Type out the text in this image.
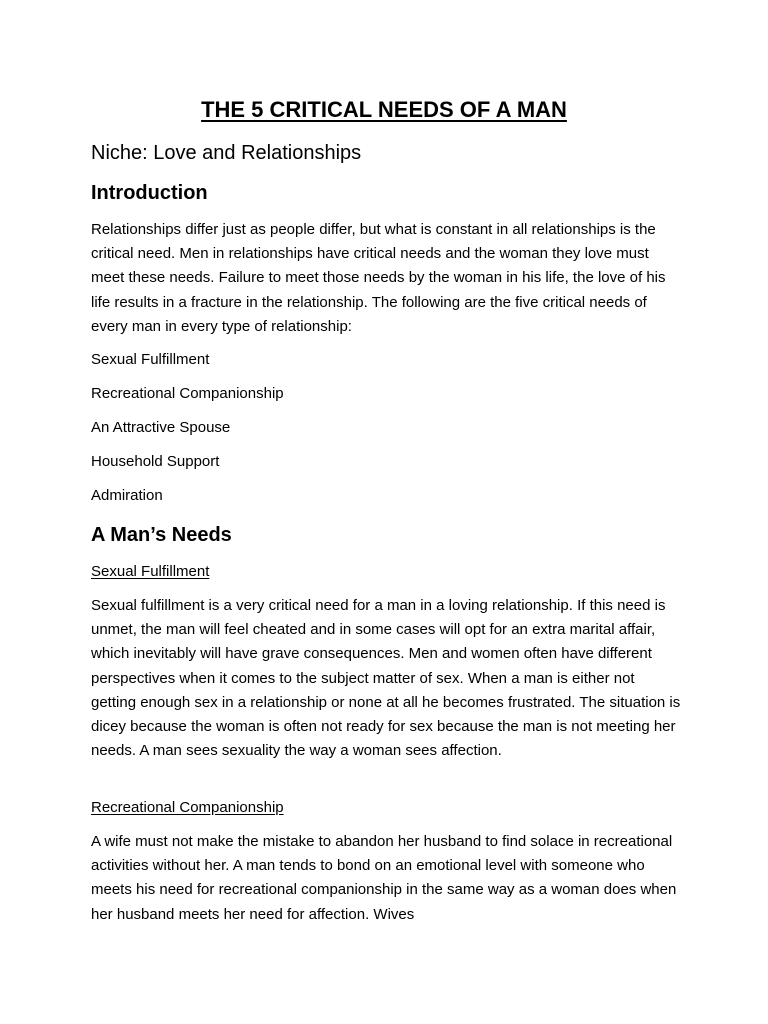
THE 5 CRITICAL NEEDS OF A MAN

Niche: Love and Relationships

Introduction

Relationships differ just as people differ, but what is constant in all relationships is the critical need. Men in relationships have critical needs and the woman they love must meet these needs. Failure to meet those needs by the woman in his life, the love of his life results in a fracture in the relationship. The following are the five critical needs of every man in every type of relationship:

Sexual Fulfillment

Recreational Companionship

An Attractive Spouse

Household Support

Admiration

A Man’s Needs

Sexual Fulfillment

Sexual fulfillment is a very critical need for a man in a loving relationship. If this need is unmet, the man will feel cheated and in some cases will opt for an extra marital affair, which inevitably will have grave consequences. Men and women often have different perspectives when it comes to the subject matter of sex. When a man is either not getting enough sex in a relationship or none at all he becomes frustrated. The situation is dicey because the woman is often not ready for sex because the man is not meeting her needs. A man sees sexuality the way a woman sees affection.

Recreational Companionship

A wife must not make the mistake to abandon her husband to find solace in recreational activities without her. A man tends to bond on an emotional level with someone who meets his need for recreational companionship in the same way as a woman does when her husband meets her need for affection. Wives
